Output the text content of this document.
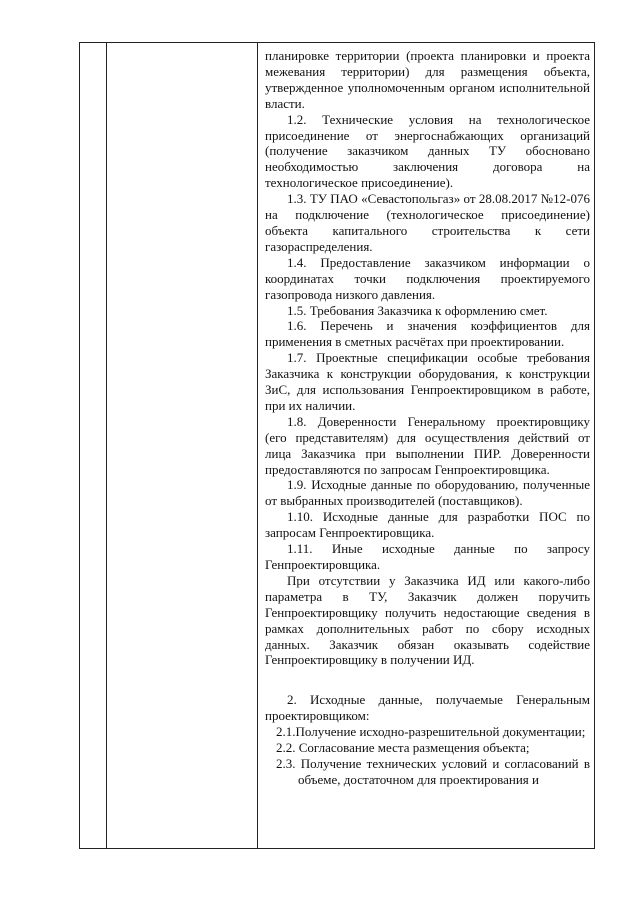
планировке территории (проекта планировки и проекта межевания территории) для размещения объекта, утвержденное уполномоченным органом исполнительной власти.

1.2. Технические условия на технологическое присоединение от энергоснабжающих организаций (получение заказчиком данных ТУ обосновано необходимостью заключения договора на технологическое присоединение).

1.3. ТУ ПАО «Севастопольгаз» от 28.08.2017 №12-076 на подключение (технологическое присоединение) объекта капитального строительства к сети газораспределения.

1.4. Предоставление заказчиком информации о координатах точки подключения проектируемого газопровода низкого давления.

1.5. Требования Заказчика к оформлению смет.

1.6. Перечень и значения коэффициентов для применения в сметных расчётах при проектировании.

1.7. Проектные спецификации особые требования Заказчика к конструкции оборудования, к конструкции ЗиС, для использования Генпроектировщиком в работе, при их наличии.

1.8. Доверенности Генеральному проектировщику (его представителям) для осуществления действий от лица Заказчика при выполнении ПИР. Доверенности предоставляются по запросам Генпроектировщика.

1.9. Исходные данные по оборудованию, полученные от выбранных производителей (поставщиков).

1.10. Исходные данные для разработки ПОС по запросам Генпроектировщика.

1.11. Иные исходные данные по запросу Генпроектировщика.

При отсутствии у Заказчика ИД или какого-либо параметра в ТУ, Заказчик должен поручить Генпроектировщику получить недостающие сведения в рамках дополнительных работ по сбору исходных данных. Заказчик обязан оказывать содействие Генпроектировщику в получении ИД.

2. Исходные данные, получаемые Генеральным проектировщиком:

2.1.Получение исходно-разрешительной документации;

2.2. Согласование места размещения объекта;

2.3. Получение технических условий и согласований в объеме, достаточном для проектирования и
